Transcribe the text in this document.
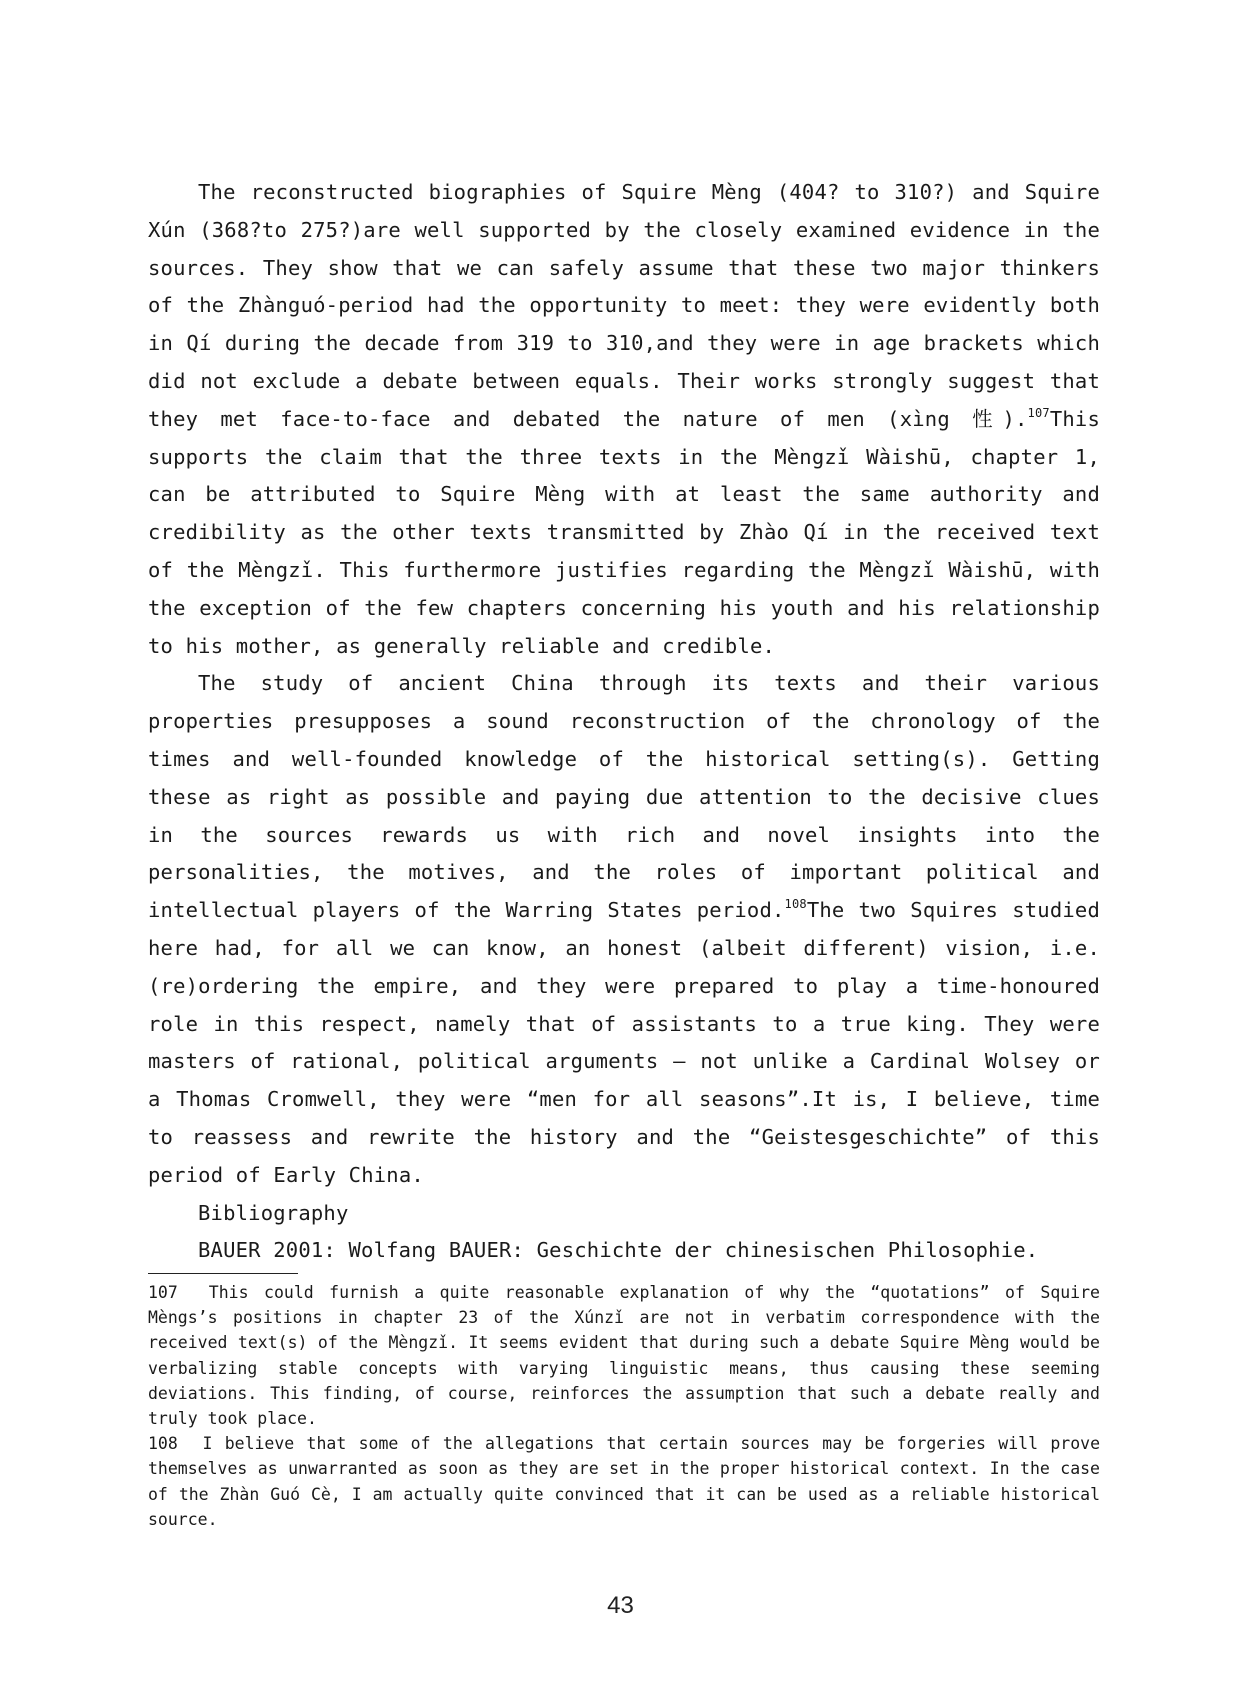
The reconstructed biographies of Squire Mèng (404? to 310?) and Squire Xún (368?to 275?)are well supported by the closely examined evidence in the sources. They show that we can safely assume that these two major thinkers of the Zhànguó-period had the opportunity to meet: they were evidently both in Qí during the decade from 319 to 310,and they were in age brackets which did not exclude a debate between equals. Their works strongly suggest that they met face-to-face and debated the nature of men (xìng 性).$^{107}$This supports the claim that the three texts in the Mèngzǐ Wàishū, chapter 1, can be attributed to Squire Mèng with at least the same authority and credibility as the other texts transmitted by Zhào Qí in the received text of the Mèngzǐ. This furthermore justifies regarding the Mèngzǐ Wàishū, with the exception of the few chapters concerning his youth and his relationship to his mother, as generally reliable and credible.

The study of ancient China through its texts and their various properties presupposes a sound reconstruction of the chronology of the times and well-founded knowledge of the historical setting(s). Getting these as right as possible and paying due attention to the decisive clues in the sources rewards us with rich and novel insights into the personalities, the motives, and the roles of important political and intellectual players of the Warring States period.$^{108}$The two Squires studied here had, for all we can know, an honest (albeit different) vision, i.e. (re)ordering the empire, and they were prepared to play a time-honoured role in this respect, namely that of assistants to a true king. They were masters of rational, political arguments – not unlike a Cardinal Wolsey or a Thomas Cromwell, they were “men for all seasons”.It is, I believe, time to reassess and rewrite the history and the “Geistesgeschichte” of this period of Early China.

Bibliography

BAUER 2001: Wolfang BAUER: Geschichte der chinesischen Philosophie.

107 This could furnish a quite reasonable explanation of why the “quotations” of Squire Mèngs’s positions in chapter 23 of the Xúnzǐ are not in verbatim correspondence with the received text(s) of the Mèngzǐ. It seems evident that during such a debate Squire Mèng would be verbalizing stable concepts with varying linguistic means, thus causing these seeming deviations. This finding, of course, reinforces the assumption that such a debate really and truly took place.

108 I believe that some of the allegations that certain sources may be forgeries will prove themselves as unwarranted as soon as they are set in the proper historical context. In the case of the Zhàn Guó Cè, I am actually quite convinced that it can be used as a reliable historical source.

43
